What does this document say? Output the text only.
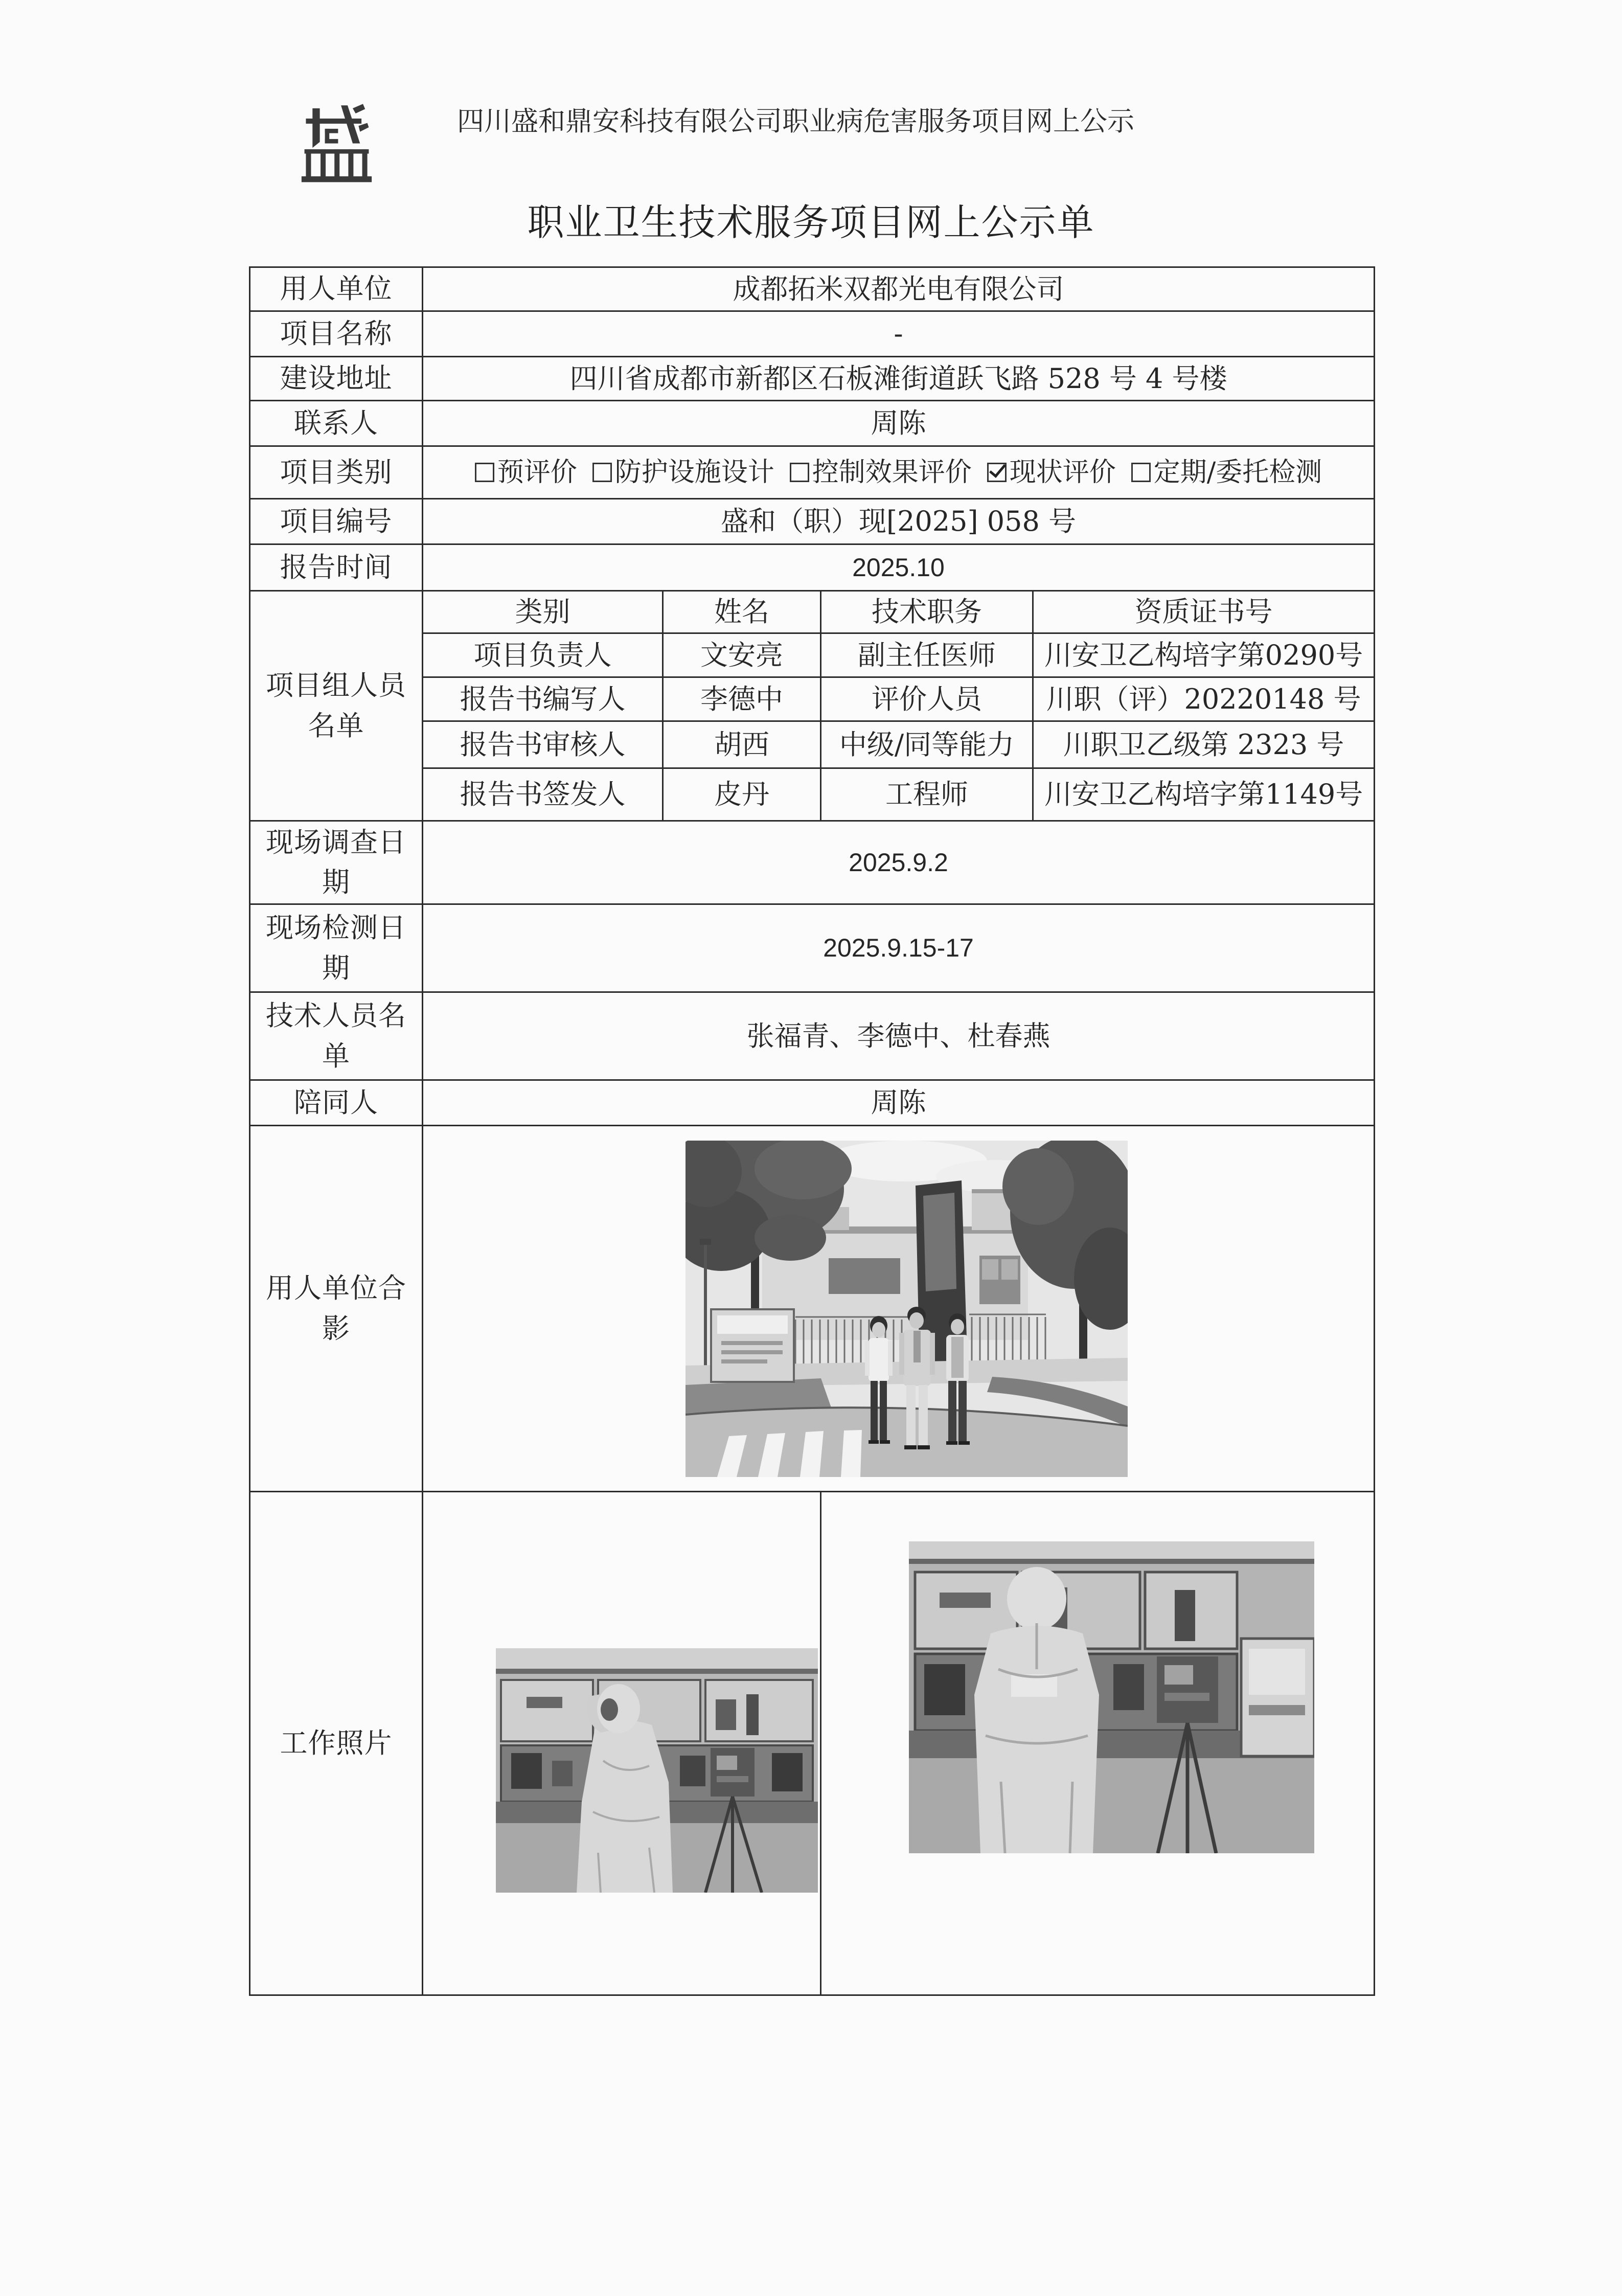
四川盛和鼎安科技有限公司职业病危害服务项目网上公示
职业卫生技术服务项目网上公示单
用人单位	成都拓米双都光电有限公司			
项目名称	-			
建设地址	四川省成都市新都区石板滩街道跃飞路 528 号 4 号楼			
联系人	周陈			
项目类别	预评价 防护设施设计 控制效果评价 现状评价 定期/委托检测			

项目编号	盛和（职）现[2025] 058 号			
报告时间	2025.10			
项目组人员名单	类别	姓名	技术职务	资质证书号
	项目负责人	文安亮	副主任医师	川安卫乙构培字第0290号
	报告书编写人	李德中	评价人员	川职（评）20220148 号
	报告书审核人	胡西	中级/同等能力	川职卫乙级第 2323 号
	报告书签发人	皮丹	工程师	川安卫乙构培字第1149号
现场调查日期	2025.9.2			
现场检测日期	2025.9.15-17			
技术人员名单	张福青、李德中、杜春燕			
陪同人	周陈			
用人单位合影	

工作照片	
